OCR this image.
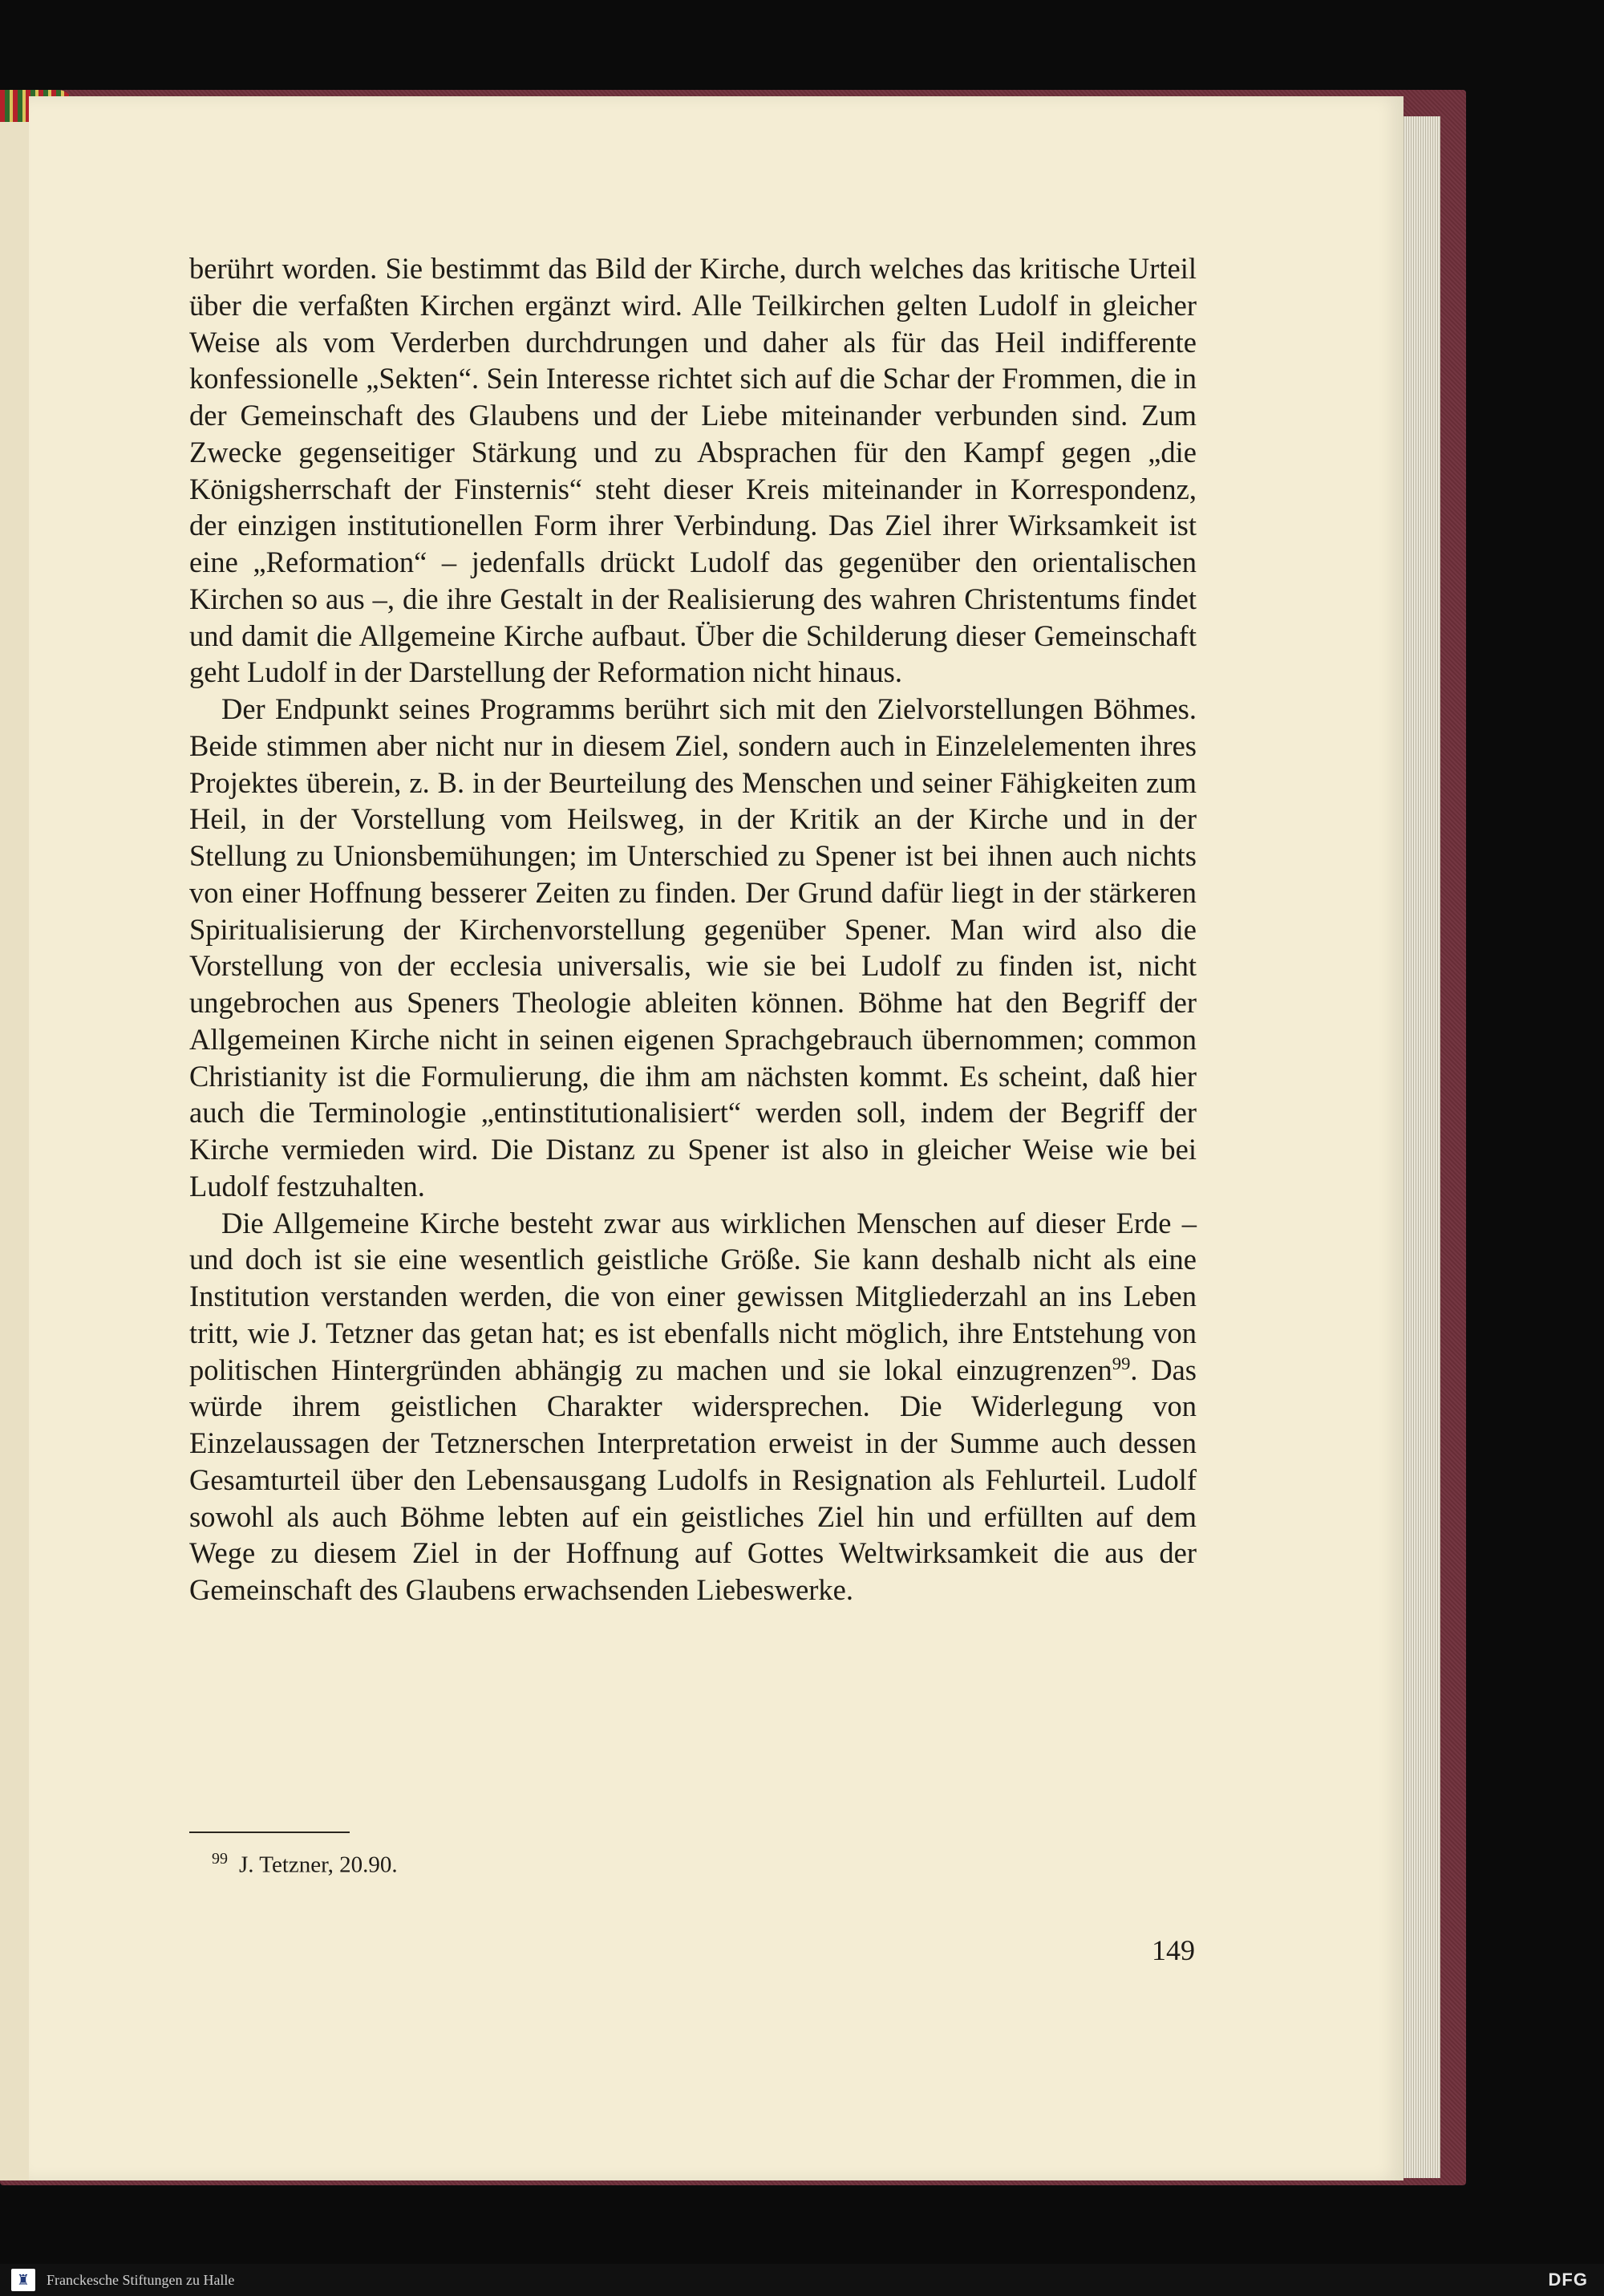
berührt worden. Sie bestimmt das Bild der Kirche, durch welches das kritische Urteil über die verfaßten Kirchen ergänzt wird. Alle Teilkirchen gelten Ludolf in gleicher Weise als vom Verderben durchdrungen und daher als für das Heil indifferente konfessionelle „Sekten“. Sein Interesse richtet sich auf die Schar der Frommen, die in der Gemeinschaft des Glaubens und der Liebe miteinander verbunden sind. Zum Zwecke gegenseitiger Stärkung und zu Absprachen für den Kampf gegen „die Königsherrschaft der Finsternis“ steht dieser Kreis miteinander in Korrespondenz, der einzigen institutionellen Form ihrer Verbindung. Das Ziel ihrer Wirksamkeit ist eine „Reformation“ – jedenfalls drückt Ludolf das gegenüber den orientalischen Kirchen so aus –, die ihre Gestalt in der Realisierung des wahren Christentums findet und damit die Allgemeine Kirche aufbaut. Über die Schilderung dieser Gemeinschaft geht Ludolf in der Darstellung der Reformation nicht hinaus.

Der Endpunkt seines Programms berührt sich mit den Zielvorstellungen Böhmes. Beide stimmen aber nicht nur in diesem Ziel, sondern auch in Einzelelementen ihres Projektes überein, z. B. in der Beurteilung des Menschen und seiner Fähigkeiten zum Heil, in der Vorstellung vom Heilsweg, in der Kritik an der Kirche und in der Stellung zu Unionsbemühungen; im Unterschied zu Spener ist bei ihnen auch nichts von einer Hoffnung besserer Zeiten zu finden. Der Grund dafür liegt in der stärkeren Spiritualisierung der Kirchenvorstellung gegenüber Spener. Man wird also die Vorstellung von der ecclesia universalis, wie sie bei Ludolf zu finden ist, nicht ungebrochen aus Speners Theologie ableiten können. Böhme hat den Begriff der Allgemeinen Kirche nicht in seinen eigenen Sprachgebrauch übernommen; common Christianity ist die Formulierung, die ihm am nächsten kommt. Es scheint, daß hier auch die Terminologie „entinstitutionalisiert“ werden soll, indem der Begriff der Kirche vermieden wird. Die Distanz zu Spener ist also in gleicher Weise wie bei Ludolf festzuhalten.

Die Allgemeine Kirche besteht zwar aus wirklichen Menschen auf dieser Erde – und doch ist sie eine wesentlich geistliche Größe. Sie kann deshalb nicht als eine Institution verstanden werden, die von einer gewissen Mitgliederzahl an ins Leben tritt, wie J. Tetzner das getan hat; es ist ebenfalls nicht möglich, ihre Entstehung von politischen Hintergründen abhängig zu machen und sie lokal einzugrenzen$^{99}$. Das würde ihrem geistlichen Charakter widersprechen. Die Widerlegung von Einzelaussagen der Tetznerschen Interpretation erweist in der Summe auch dessen Gesamturteil über den Lebensausgang Ludolfs in Resignation als Fehlurteil. Ludolf sowohl als auch Böhme lebten auf ein geistliches Ziel hin und erfüllten auf dem Wege zu diesem Ziel in der Hoffnung auf Gottes Weltwirksamkeit die aus der Gemeinschaft des Glaubens erwachsenden Liebeswerke.

$^{99}$ J. Tetzner, 20.90.
149
♜	Franckesche Stiftungen zu Halle	DFG
